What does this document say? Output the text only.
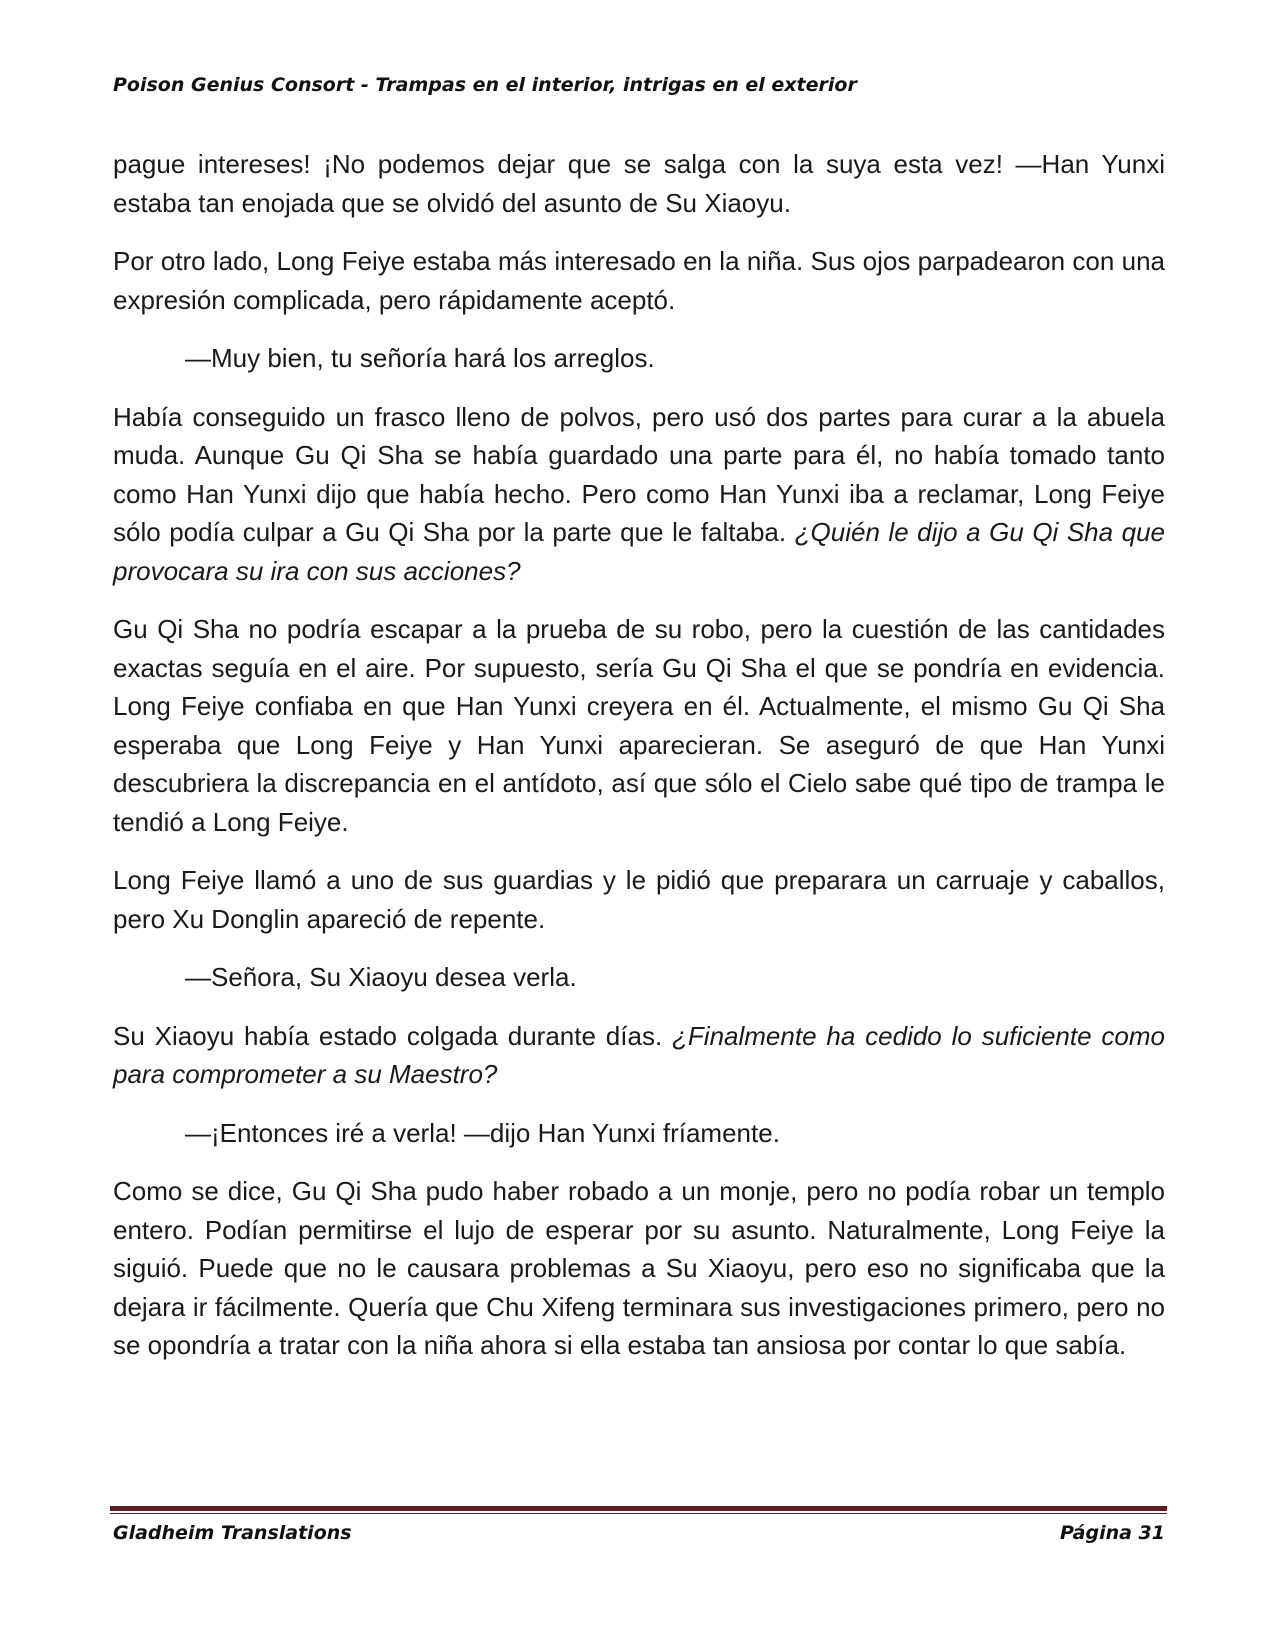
Poison Genius Consort - Trampas en el interior, intrigas en el exterior

pague intereses! ¡No podemos dejar que se salga con la suya esta vez! —Han Yunxi estaba tan enojada que se olvidó del asunto de Su Xiaoyu.

Por otro lado, Long Feiye estaba más interesado en la niña. Sus ojos parpadearon con una expresión complicada, pero rápidamente aceptó.

—Muy bien, tu señoría hará los arreglos.

Había conseguido un frasco lleno de polvos, pero usó dos partes para curar a la abuela muda. Aunque Gu Qi Sha se había guardado una parte para él, no había tomado tanto como Han Yunxi dijo que había hecho. Pero como Han Yunxi iba a reclamar, Long Feiye sólo podía culpar a Gu Qi Sha por la parte que le faltaba. ¿Quién le dijo a Gu Qi Sha que provocara su ira con sus acciones?

Gu Qi Sha no podría escapar a la prueba de su robo, pero la cuestión de las cantidades exactas seguía en el aire. Por supuesto, sería Gu Qi Sha el que se pondría en evidencia. Long Feiye confiaba en que Han Yunxi creyera en él. Actualmente, el mismo Gu Qi Sha esperaba que Long Feiye y Han Yunxi aparecieran. Se aseguró de que Han Yunxi descubriera la discrepancia en el antídoto, así que sólo el Cielo sabe qué tipo de trampa le tendió a Long Feiye.

Long Feiye llamó a uno de sus guardias y le pidió que preparara un carruaje y caballos, pero Xu Donglin apareció de repente.

—Señora, Su Xiaoyu desea verla.

Su Xiaoyu había estado colgada durante días. ¿Finalmente ha cedido lo suficiente como para comprometer a su Maestro?

—¡Entonces iré a verla! —dijo Han Yunxi fríamente.

Como se dice, Gu Qi Sha pudo haber robado a un monje, pero no podía robar un templo entero. Podían permitirse el lujo de esperar por su asunto. Naturalmente, Long Feiye la siguió. Puede que no le causara problemas a Su Xiaoyu, pero eso no significaba que la dejara ir fácilmente. Quería que Chu Xifeng terminara sus investigaciones primero, pero no se opondría a tratar con la niña ahora si ella estaba tan ansiosa por contar lo que sabía.

Gladheim Translations	Página 31
